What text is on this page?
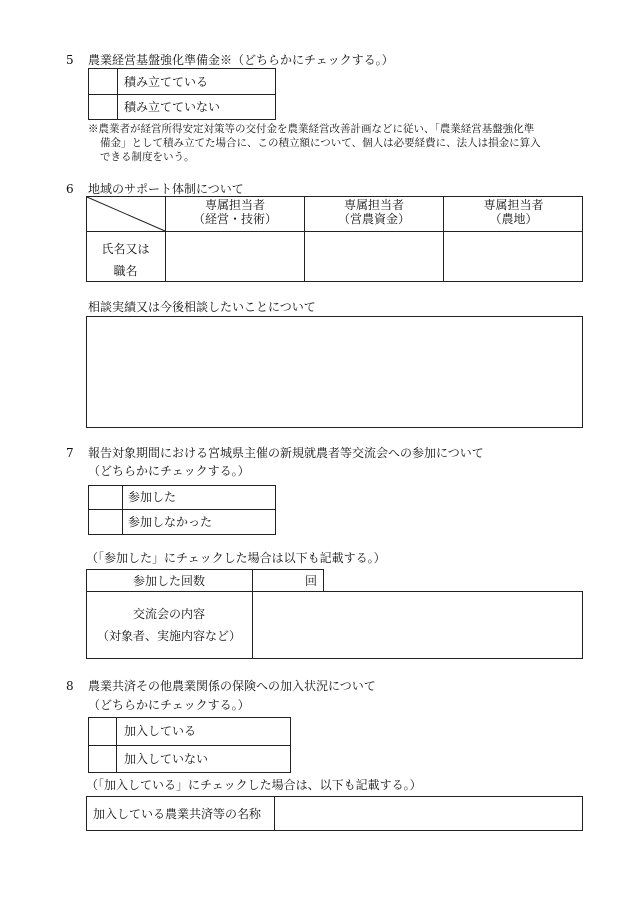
5 農業経営基盤強化準備金※（どちらかにチェックする。）
積み立てている
積み立てていない
※農業者が経営所得安定対策等の交付金を農業経営改善計画などに従い、「農業経営基盤強化準
備金」として積み立てた場合に、この積立額について、個人は必要経費に、法人は損金に算入
できる制度をいう。
6 地域のサポート体制について
専属担当者
（経営・技術）
専属担当者
（営農資金）
専属担当者
（農地）
氏名又は
職名
相談実績又は今後相談したいことについて
7 報告対象期間における宮城県主催の新規就農者等交流会への参加について
（どちらかにチェックする。）
参加した
参加しなかった
（「参加した」にチェックした場合は以下も記載する。）
参加した回数	回
交流会の内容
（対象者、実施内容など）
8 農業共済その他農業関係の保険への加入状況について
（どちらかにチェックする。）
加入している
加入していない
（「加入している」にチェックした場合は、以下も記載する。）
加入している農業共済等の名称
